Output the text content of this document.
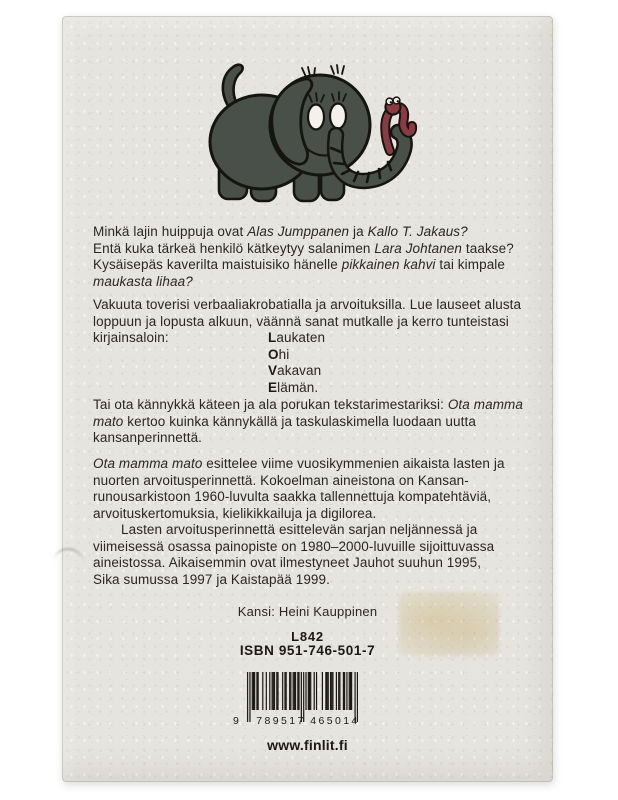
Minkä lajin huippuja ovat Alas Jumppanen ja Kallo T. Jakaus?
Entä kuka tärkeä henkilö kätkeytyy salanimen Lara Johtanen taakse?
Kysäisepäs kaverilta maistuisiko hänelle pikkainen kahvi tai kimpale
maukasta lihaa?
Vakuuta toverisi verbaaliakrobatialla ja arvoituksilla. Lue lauseet alusta
loppuun ja lopusta alkuun, väännä sanat mutkalle ja kerro tunteistasi
kirjainsaloin:	Laukaten
Ohi
Vakavan
Elämän.
Tai ota kännykkä käteen ja ala porukan tekstarimestariksi: Ota mamma
mato kertoo kuinka kännykällä ja taskulaskimella luodaan uutta
kansanperinnettä.
Ota mamma mato esittelee viime vuosikymmenien aikaista lasten ja
nuorten arvoitusperinnettä. Kokoelman aineistona on Kansan-
runousarkistoon 1960-luvulta saakka tallennettuja kompatehtäviä,
arvoituskertomuksia, kielikikkailuja ja digilorea.
Lasten arvoitusperinnettä esittelevän sarjan neljännessä ja
viimeisessä osassa painopiste on 1980–2000-luvuille sijoittuvassa
aineistossa. Aikaisemmin ovat ilmestyneet Jauhot suuhun 1995,
Sika sumussa 1997 ja Kaistapää 1999.
Kansi: Heini Kauppinen
L842
ISBN 951-746-501-7
9	789517 465014
www.finlit.fi
